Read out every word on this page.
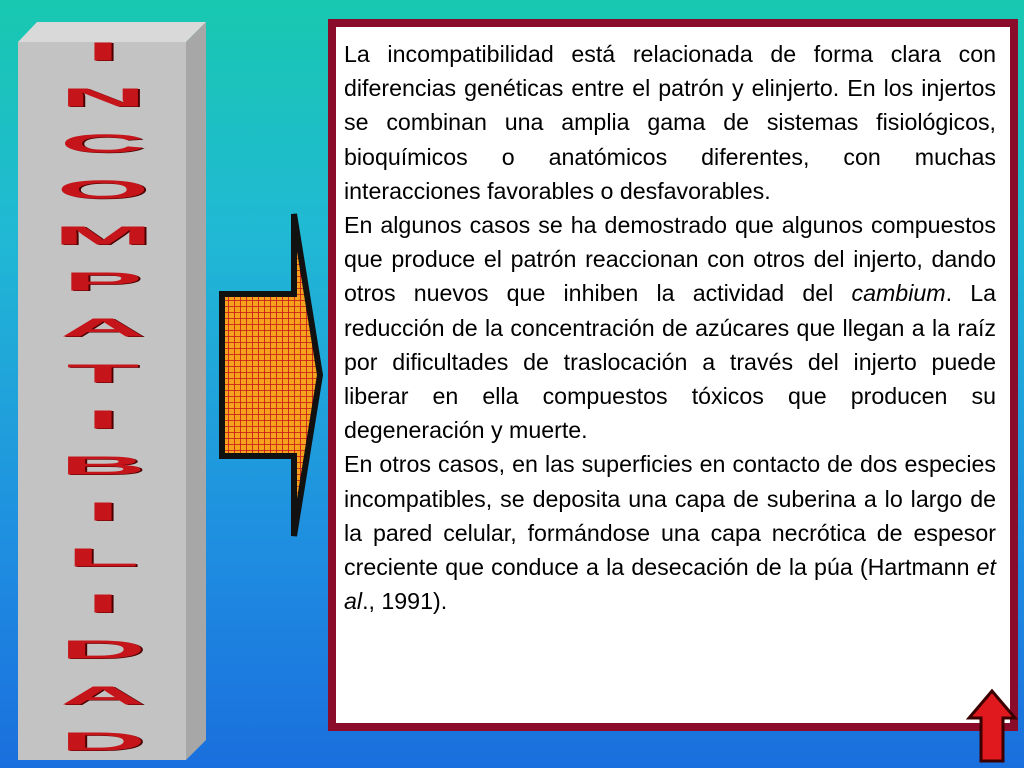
I
N
C
O
M
P
A
T
I
B
I
L
I
D
A
D

La incompatibilidad está relacionada de forma clara con diferencias genéticas entre el patrón y elinjerto. En los injertos se combinan una amplia gama de sistemas fisiológicos, bioquímicos o anatómicos diferentes, con muchas interacciones favorables o desfavorables.
En algunos casos se ha demostrado que algunos compuestos que produce el patrón reaccionan con otros del injerto, dando otros nuevos que inhiben la actividad del cambium. La reducción de la concentración de azúcares que llegan a la raíz por dificultades de traslocación a través del injerto puede liberar en ella compuestos tóxicos que producen su degeneración y muerte.
En otros casos, en las superficies en contacto de dos especies incompatibles, se deposita una capa de suberina a lo largo de la pared celular, formándose una capa necrótica de espesor creciente que conduce a la desecación de la púa (Hartmann et al., 1991).
